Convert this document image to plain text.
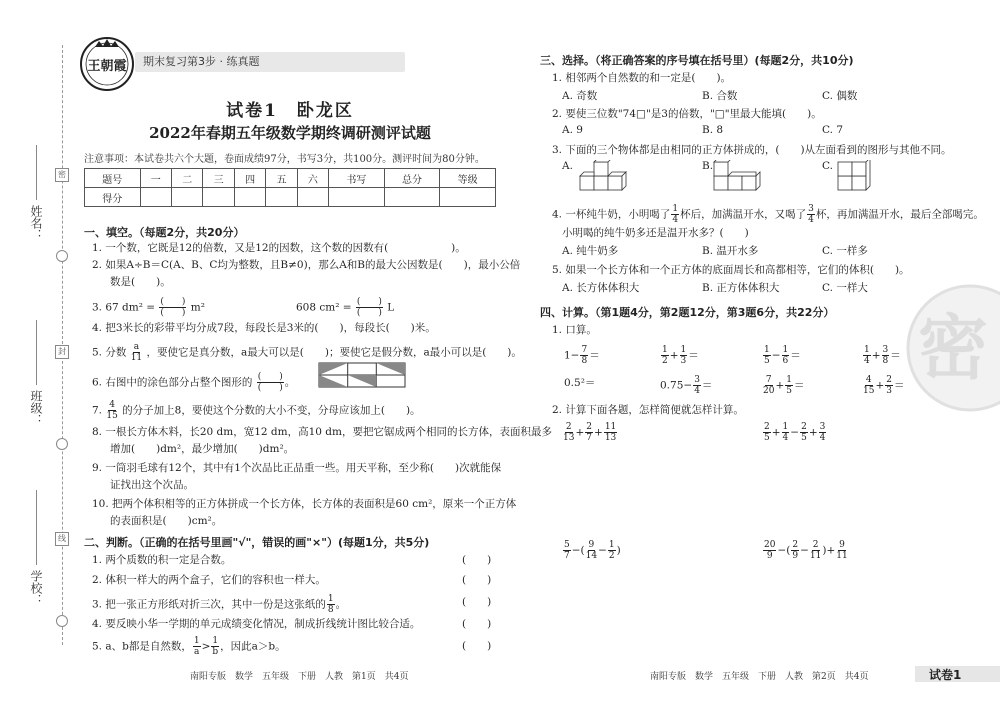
密
封
线
姓名：
班级：
学校：
王朝霞	期末复习第3步 · 练真题
试卷1　卧龙区
2022年春期五年级数学期终调研测评试题
注意事项：本试卷共六个大题，卷面成绩97分，书写3分，共100分。测评时间为80分钟。
题号	一	二	三	四	五	六	书写	总分	等级
得分									
一、填空。（每题2分，共20分）
1. 一个数，它既是12的倍数，又是12的因数，这个数的因数有(　　　　　　)。
2. 如果A÷B＝C(A、B、C均为整数，且B≠0)，那么A和B的最大公因数是(　　)，最小公倍
数是(　　)。
3. 67 $dm^2 = \frac{( )}{( )} m^2$	608 $cm^2 = \frac{( )}{( )}$ L
4. 把3米长的彩带平均分成7段，每段长是3米的(　　)，每段长(　　)米。
5. 分数 $\frac{a}{11}$ ，要使它是真分数，a最大可以是(　　)；要使它是假分数，a最小可以是(　　)。
6. 右图中的涂色部分占整个图形的 $\frac{( )}{( )}$ 。
7. $\frac{4}{15}$ 的分子加上8，要使这个分数的大小不变，分母应该加上(　　)。
8. 一根长方体木料，长20 dm，宽12 dm，高10 dm，要把它锯成两个相同的长方体，表面积最多
增加(　　)dm²，最少增加(　　)dm²。
9. 一筒羽毛球有12个，其中有1个次品比正品重一些。用天平称，至少称(　　)次就能保
证找出这个次品。
10. 把两个体积相等的正方体拼成一个长方体，长方体的表面积是60 cm²，原来一个正方体
的表面积是(　　)cm²。
二、判断。（正确的在括号里画"√"，错误的画"×"）(每题1分，共5分)
1. 两个质数的积一定是合数。	(　　)
2. 体积一样大的两个盒子，它们的容积也一样大。	(　　)
3. 把一张正方形纸对折三次，其中一份是这张纸的 $\frac{1}{8}$ 。	(　　)
4. 要反映小华一学期的单元成绩变化情况，制成折线统计图比较合适。	(　　)
5. a、b都是自然数， $\frac{1}{a} > \frac{1}{b}$ ，因此a＞b。	(　　)
南阳专版　数学　五年级　下册　人教　第1页　共4页
三、选择。（将正确答案的序号填在括号里）(每题2分，共10分)
1. 相邻两个自然数的和一定是(　　)。
A. 奇数	B. 合数	C. 偶数
2. 要使三位数"74□"是3的倍数，"□"里最大能填(　　)。
A. 9	B. 8	C. 7
3. 下面的三个物体都是由相同的正方体拼成的，(　　)从左面看到的图形与其他不同。
A.	B.	C.
4. 一杯纯牛奶，小明喝了 $\frac{1}{4}$ 杯后，加满温开水，又喝了 $\frac{3}{4}$ 杯，再加满温开水，最后全部喝完。
小明喝的纯牛奶多还是温开水多？(　　)
A. 纯牛奶多	B. 温开水多	C. 一样多
5. 如果一个长方体和一个正方体的底面周长和高都相等，它们的体积(　　)。
A. 长方体体积大	B. 正方体体积大	C. 一样大
四、计算。（第1题4分，第2题12分，第3题6分，共22分）
1. 口算。
$1- \frac{7}{8}$ ＝	$\frac{1}{2} + \frac{1}{3}$ ＝	$\frac{1}{5} - \frac{1}{6}$ ＝	$\frac{1}{4} + \frac{3}{8}$ ＝
0.5²＝	$0.75- \frac{3}{4}$ ＝	$\frac{7}{20} + \frac{1}{5}$ ＝	$\frac{4}{15} + \frac{2}{3}$ ＝
2. 计算下面各题，怎样简便就怎样计算。
$\frac{2}{13} + \frac{2}{7} + \frac{11}{13}$	$\frac{2}{5} + \frac{1}{4} - \frac{2}{5} + \frac{3}{4}$
$\frac{5}{7}$ −( $\frac{9}{14} - \frac{1}{2}$ )	$\frac{20}{9}$ −( $\frac{2}{9} - \frac{2}{11}$ )+ $\frac{9}{11}$
密
南阳专版　数学　五年级　下册　人教　第2页　共4页	试卷1
